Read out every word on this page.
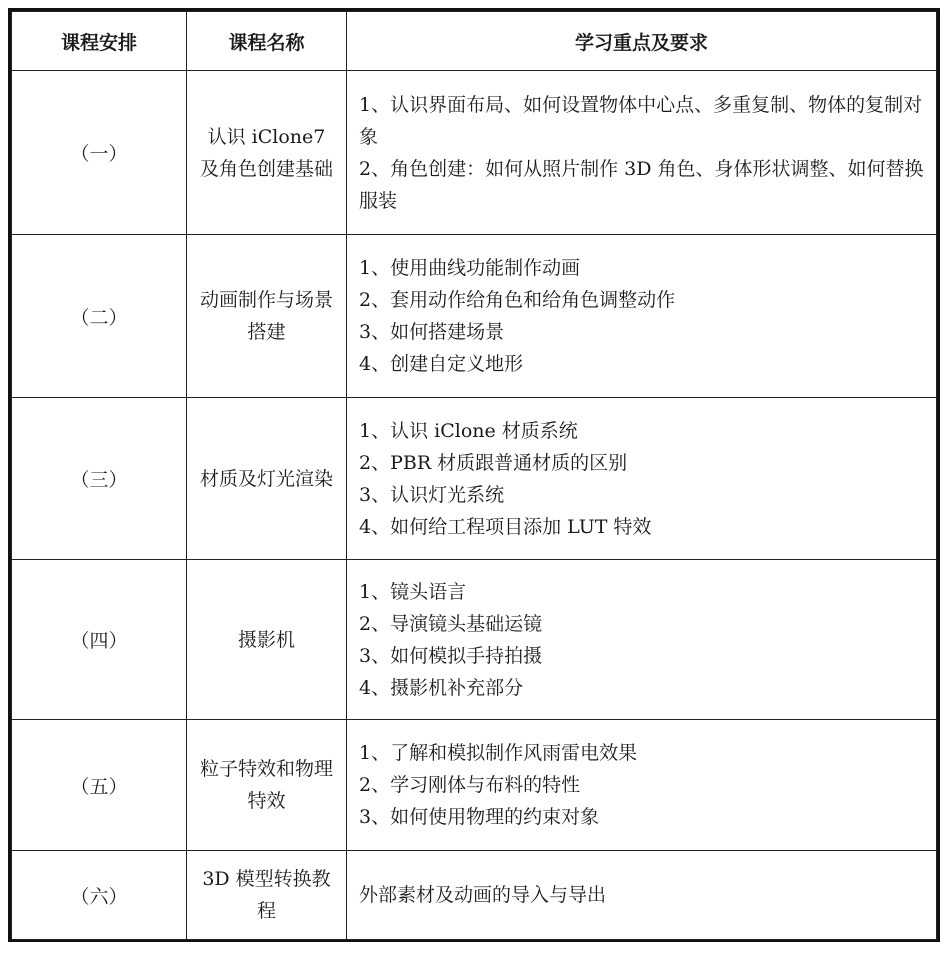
课程安排	课程名称	学习重点及要求
（一）	认识 iClone7 及角色创建基础	1、认识界面布局、如何设置物体中心点、多重复制、物体的复制对象
2、角色创建：如何从照片制作 3D 角色、身体形状调整、如何替换服装

（二）	动画制作与场景搭建	1、使用曲线功能制作动画
2、套用动作给角色和给角色调整动作
3、如何搭建场景
4、创建自定义地形

（三）	材质及灯光渲染	1、认识 iClone 材质系统
2、PBR 材质跟普通材质的区别
3、认识灯光系统
4、如何给工程项目添加 LUT 特效

（四）	摄影机	1、镜头语言
2、导演镜头基础运镜
3、如何模拟手持拍摄
4、摄影机补充部分

（五）	粒子特效和物理特效	1、了解和模拟制作风雨雷电效果
2、学习刚体与布料的特性
3、如何使用物理的约束对象

（六）	3D 模型转换教程	外部素材及动画的导入与导出
